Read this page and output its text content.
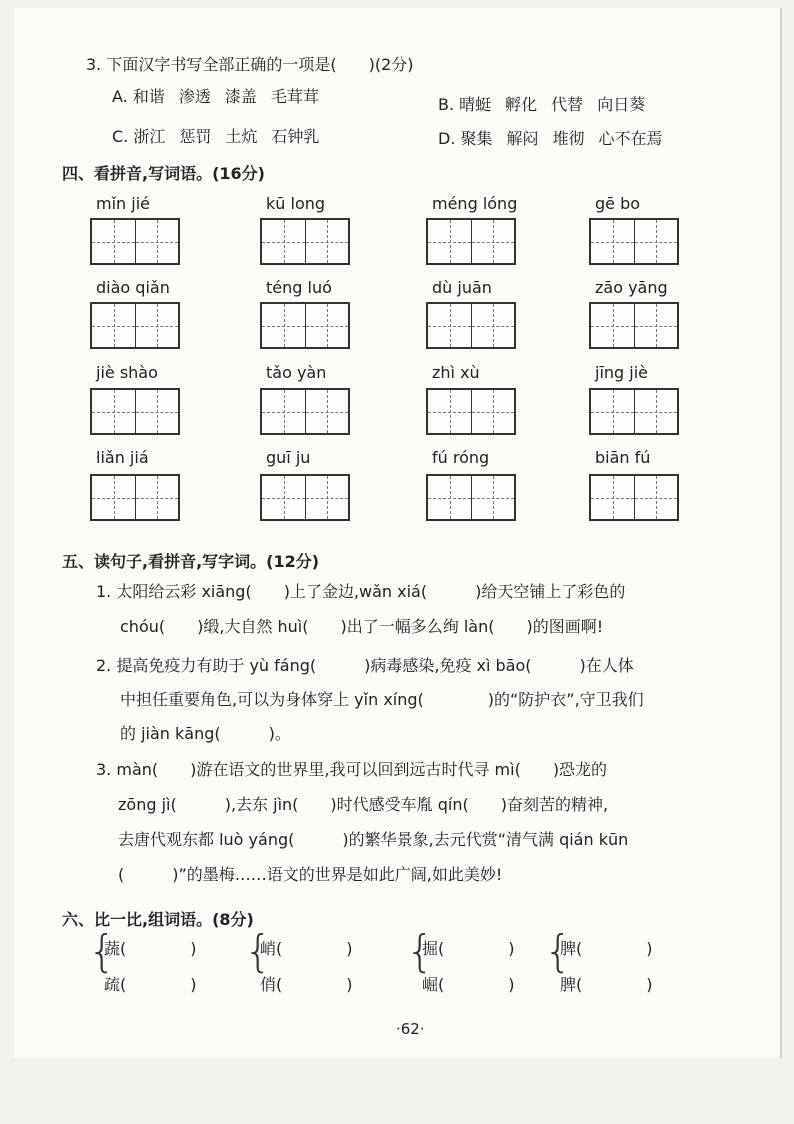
3. 下面汉字书写全部正确的一项是(　　)(2分)
A. 和谐 渗透 漆盖 毛茸茸	B. 晴蜓 孵化 代替 向日葵
C. 浙江 惩罚 土炕 石钟乳	D. 聚集 解闷 堆彻 心不在焉
四、看拼音,写词语。(16分)
mǐn jié	kū long	méng lóng	gē bo
diào qiǎn	téng luó	dù juān	zāo yāng
jiè shào	tǎo yàn	zhì xù	jīng jiè
liǎn jiá	guī ju	fú róng	biān fú
五、读句子,看拼音,写字词。(12分)
1. 太阳给云彩 xiāng(　　)上了金边,wǎn xiá(　　　)给天空铺上了彩色的
chóu(　　)缎,大自然 huì(　　)出了一幅多么绚 làn(　　)的图画啊!
2. 提高免疫力有助于 yù fáng(　　　)病毒感染,免疫 xì bāo(　　　)在人体
中担任重要角色,可以为身体穿上 yǐn xíng(　　　　)的“防护衣”,守卫我们
的 jiàn kāng(　　　)。
3. màn(　　)游在语文的世界里,我可以回到远古时代寻 mì(　　)恐龙的
zōng jì(　　　),去东 jìn(　　)时代感受车胤 qín(　　)奋刻苦的精神,
去唐代观东都 luò yáng(　　　)的繁华景象,去元代赏“清气满 qián kūn
(　　　)”的墨梅……语文的世界是如此广阔,如此美妙!
六、比一比,组词语。(8分)
{
蔬(　　　　)
疏(　　　　)
{
峭(　　　　)
俏(　　　　)
{
掘(　　　　)
崛(　　　　)
{
脾(　　　　)
脾(　　　　)
·62·
